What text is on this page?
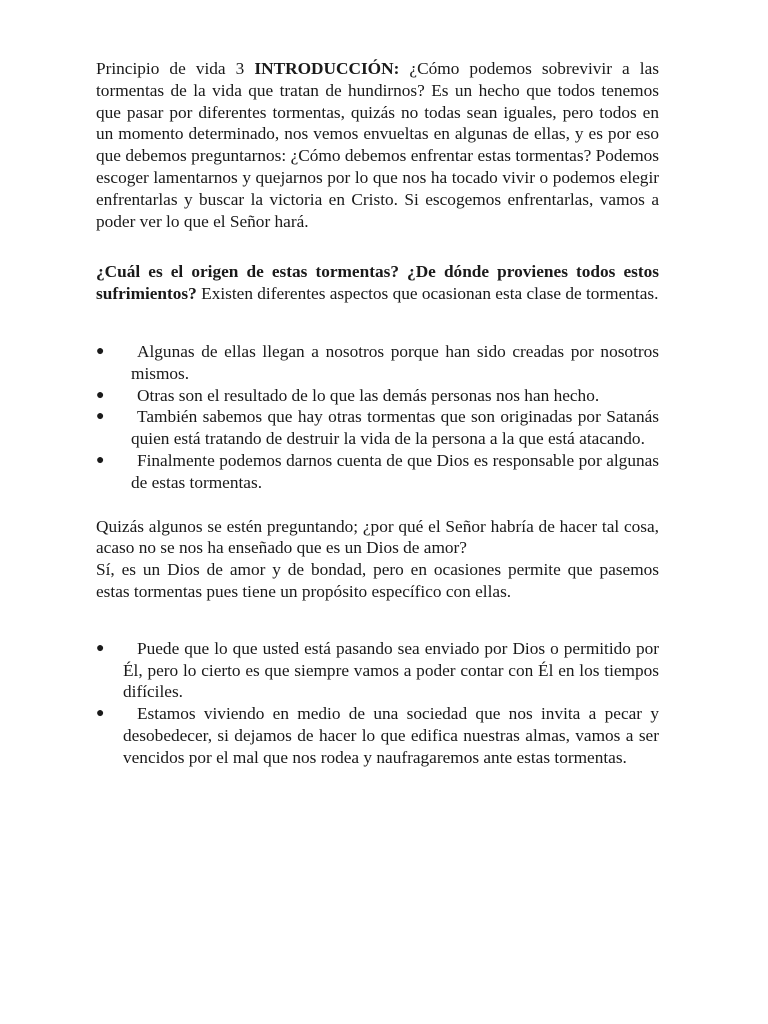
Principio de vida 3 INTRODUCCIÓN: ¿Cómo podemos sobrevivir a las tormentas de la vida que tratan de hundirnos? Es un hecho que todos tenemos que pasar por diferentes tormentas, quizás no todas sean iguales, pero todos en un momento determinado, nos vemos envueltas en algunas de ellas, y es por eso que debemos preguntarnos: ¿Cómo debemos enfrentar estas tormentas? Podemos escoger lamentarnos y quejarnos por lo que nos ha tocado vivir o podemos elegir enfrentarlas y buscar la victoria en Cristo. Si escogemos enfrentarlas, vamos a poder ver lo que el Señor hará.

¿Cuál es el origen de estas tormentas? ¿De dónde provienes todos estos sufrimientos? Existen diferentes aspectos que ocasionan esta clase de tormentas.

●	Algunas de ellas llegan a nosotros porque han sido creadas por nosotros mismos.
●	Otras son el resultado de lo que las demás personas nos han hecho.
●	También sabemos que hay otras tormentas que son originadas por Satanás quien está tratando de destruir la vida de la persona a la que está atacando.
●	Finalmente podemos darnos cuenta de que Dios es responsable por algunas de estas tormentas.

Quizás algunos se estén preguntando; ¿por qué el Señor habría de hacer tal cosa, acaso no se nos ha enseñado que es un Dios de amor?

Sí, es un Dios de amor y de bondad, pero en ocasiones permite que pasemos estas tormentas pues tiene un propósito específico con ellas.

●	Puede que lo que usted está pasando sea enviado por Dios o permitido por Él, pero lo cierto es que siempre vamos a poder contar con Él en los tiempos difíciles.
●	Estamos viviendo en medio de una sociedad que nos invita a pecar y desobedecer, si dejamos de hacer lo que edifica nuestras almas, vamos a ser vencidos por el mal que nos rodea y naufragaremos ante estas tormentas.
